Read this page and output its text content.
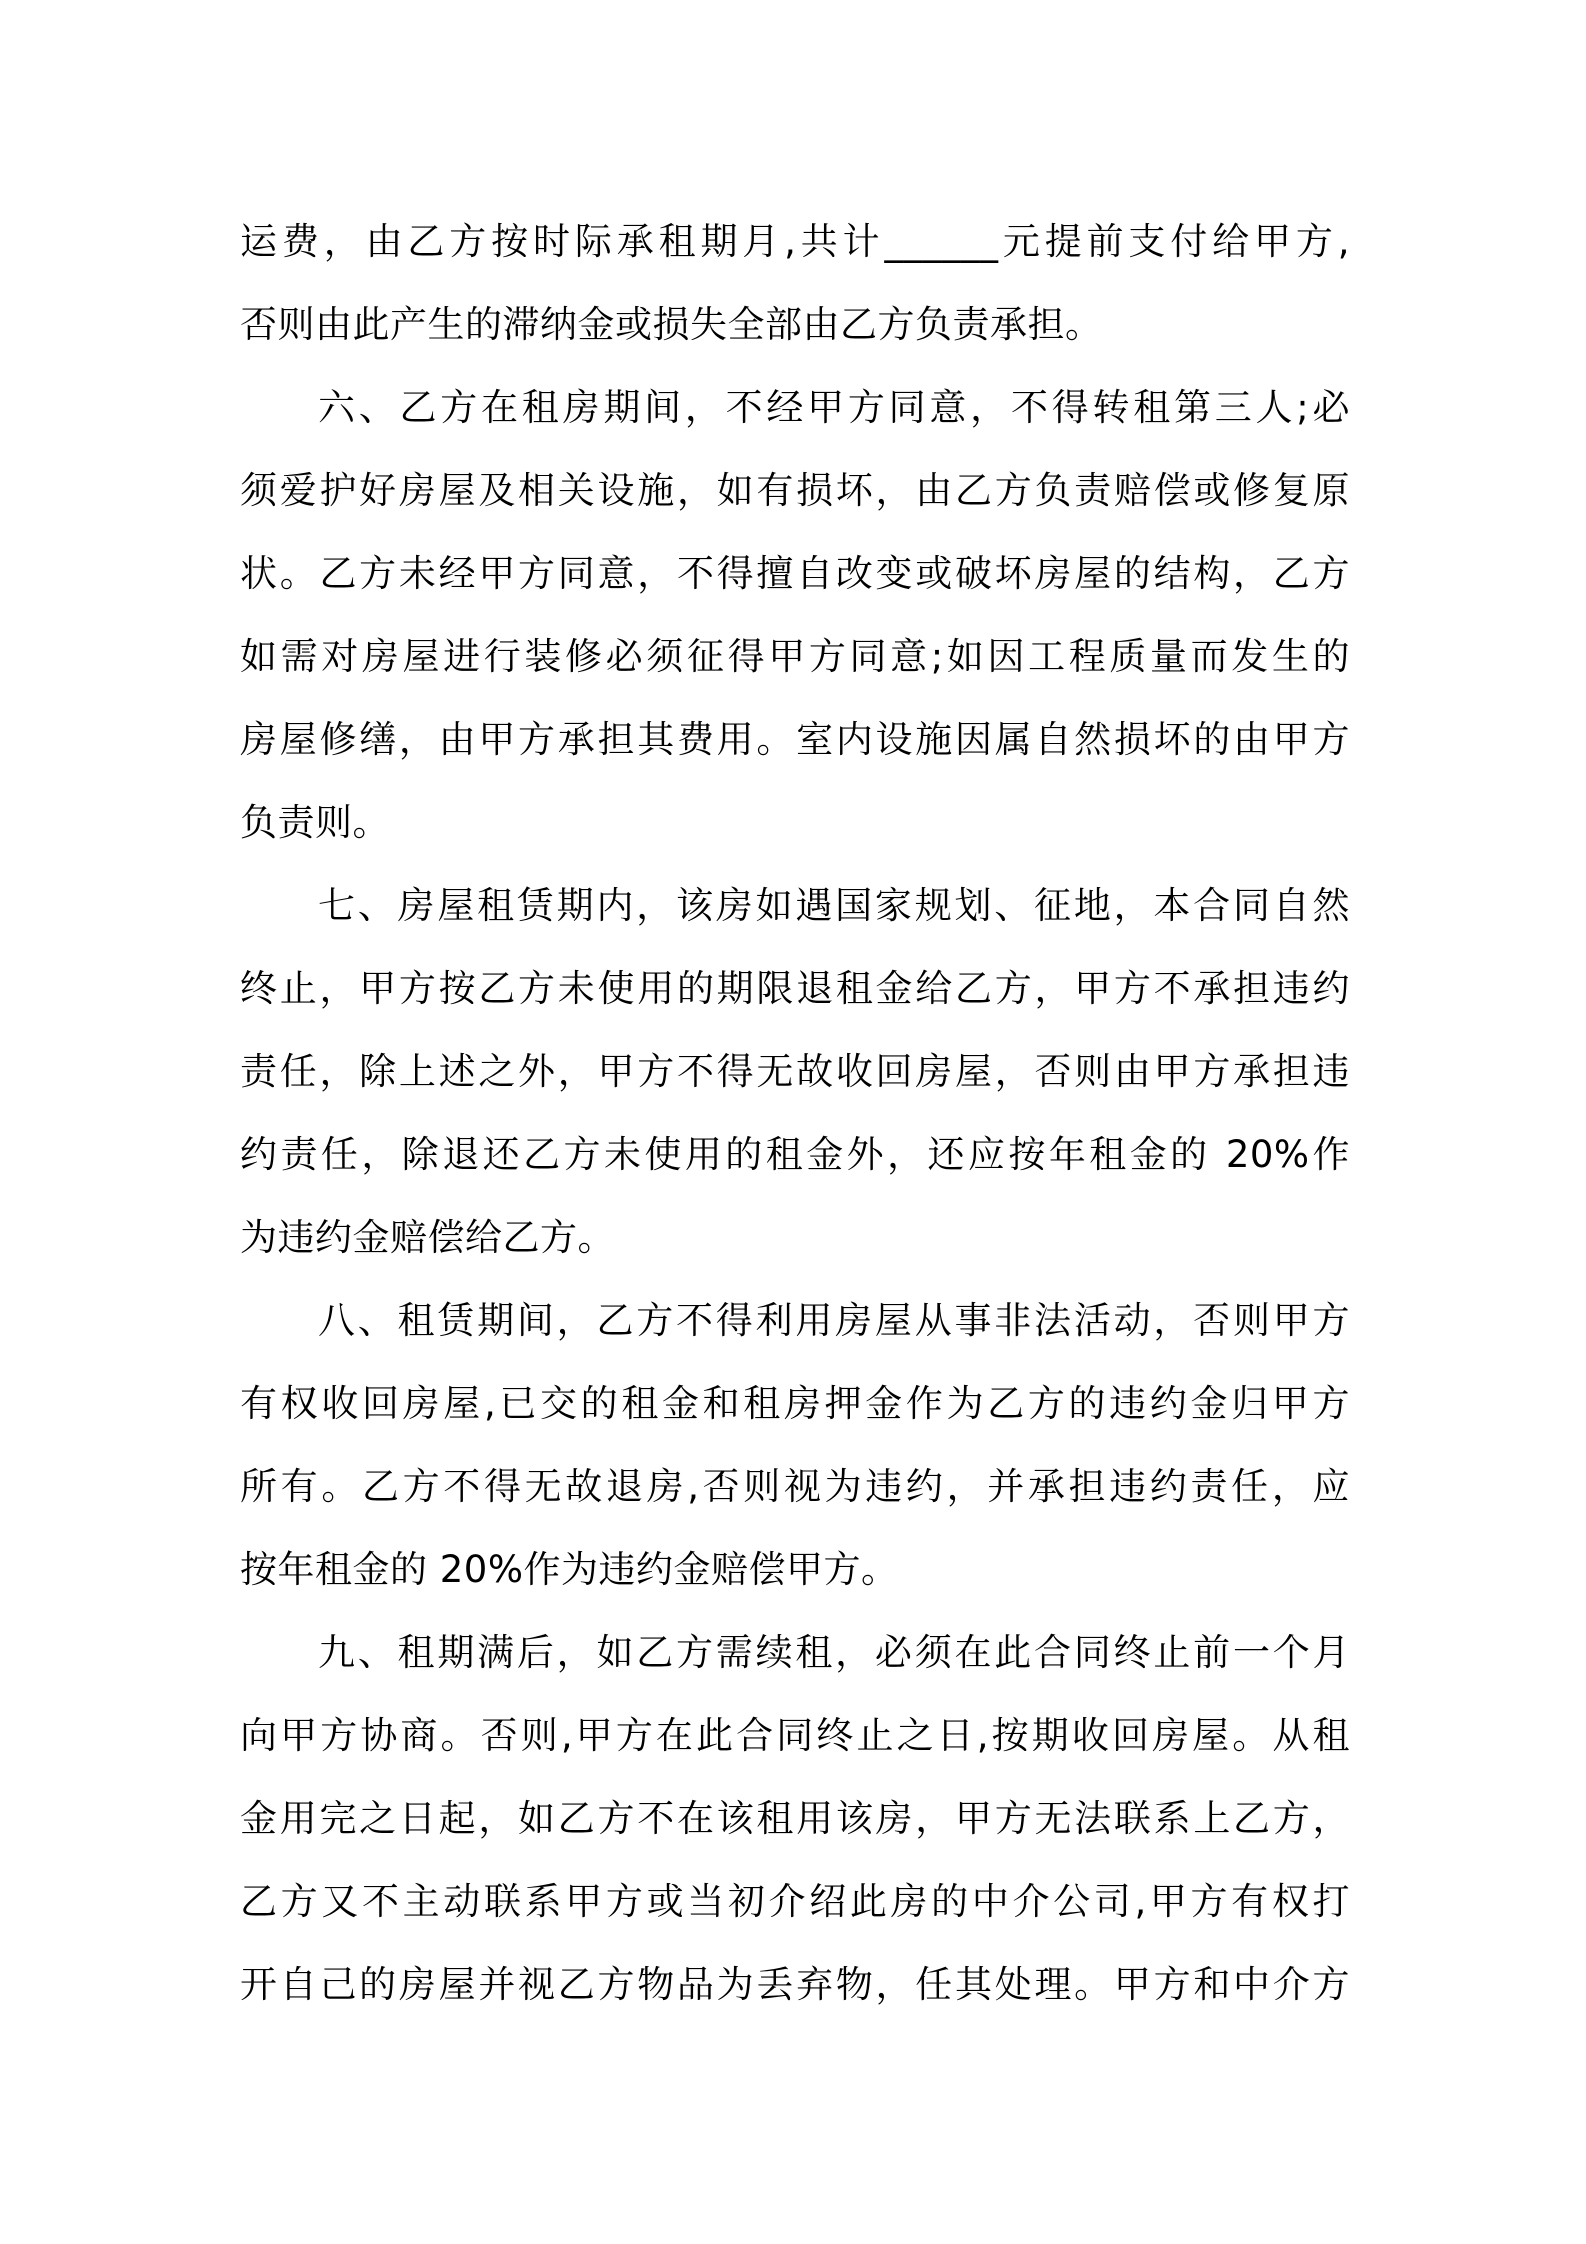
运费，由乙方按时际承租期月,共计______元提前支付给甲方,
否则由此产生的滞纳金或损失全部由乙方负责承担。
六、乙方在租房期间，不经甲方同意，不得转租第三人;必
须爱护好房屋及相关设施，如有损坏，由乙方负责赔偿或修复原
状。乙方未经甲方同意，不得擅自改变或破坏房屋的结构，乙方
如需对房屋进行装修必须征得甲方同意;如因工程质量而发生的
房屋修缮，由甲方承担其费用。室内设施因属自然损坏的由甲方
负责则。
七、房屋租赁期内，该房如遇国家规划、征地，本合同自然
终止，甲方按乙方未使用的期限退租金给乙方，甲方不承担违约
责任，除上述之外，甲方不得无故收回房屋，否则由甲方承担违
约责任，除退还乙方未使用的租金外，还应按年租金的 20%作
为违约金赔偿给乙方。
八、租赁期间，乙方不得利用房屋从事非法活动，否则甲方
有权收回房屋,已交的租金和租房押金作为乙方的违约金归甲方
所有。乙方不得无故退房,否则视为违约，并承担违约责任，应
按年租金的 20%作为违约金赔偿甲方。
九、租期满后，如乙方需续租，必须在此合同终止前一个月
向甲方协商。否则,甲方在此合同终止之日,按期收回房屋。从租
金用完之日起，如乙方不在该租用该房，甲方无法联系上乙方，
乙方又不主动联系甲方或当初介绍此房的中介公司,甲方有权打
开自己的房屋并视乙方物品为丢弃物，任其处理。甲方和中介方
